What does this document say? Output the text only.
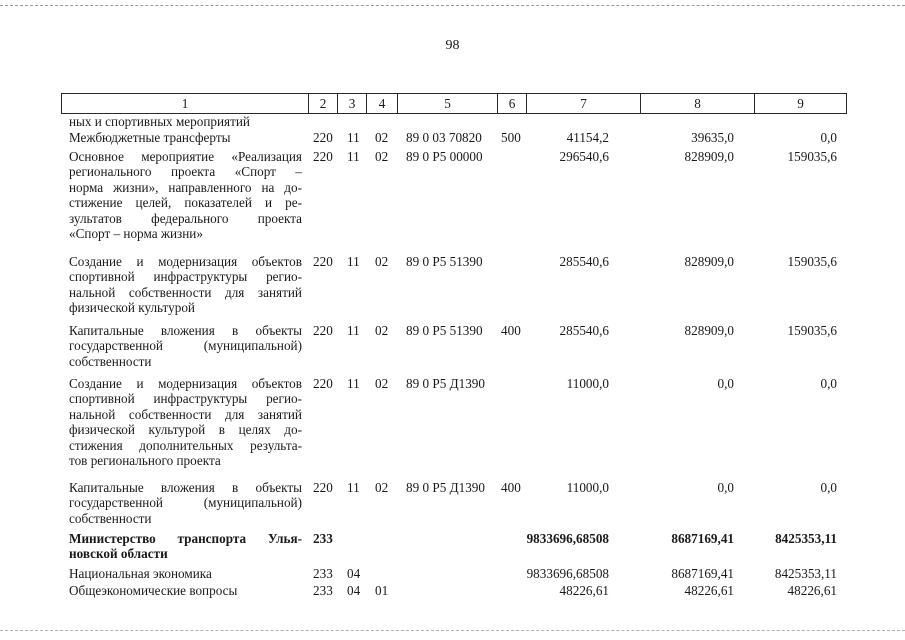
98
1	2	3	4	5	6	7	8	9
ных и спортивных мероприятий
Межбюджетные трансферты	220 11 02 89 0 03 70820 500	41154,2	39635,0	0,0
Основное мероприятие «Реализация
регионального проекта «Спорт –
норма жизни», направленного на до-
стижение целей, показателей и ре-
зультатов федерального проекта
«Спорт – норма жизни»
220 11 02 89 0 Р5 00000	296540,6	828909,0	159035,6
Создание и модернизация объектов
спортивной инфраструктуры регио-
нальной собственности для занятий
физической культурой
220 11 02 89 0 Р5 51390	285540,6	828909,0	159035,6
Капитальные вложения в объекты
государственной (муниципальной)
собственности
220 11 02 89 0 Р5 51390 400	285540,6	828909,0	159035,6
Создание и модернизация объектов
спортивной инфраструктуры регио-
нальной собственности для занятий
физической культурой в целях до-
стижения дополнительных результа-
тов регионального проекта
220 11 02 89 0 Р5 Д1390	11000,0	0,0	0,0
Капитальные вложения в объекты
государственной (муниципальной)
собственности
220 11 02 89 0 Р5 Д1390 400	11000,0	0,0	0,0
Министерство транспорта Улья-
новской области
233	9833696,68508	8687169,41	8425353,11
Национальная экономика	233 04	9833696,68508	8687169,41	8425353,11
Общеэкономические вопросы	233 04 01	48226,61	48226,61	48226,61
